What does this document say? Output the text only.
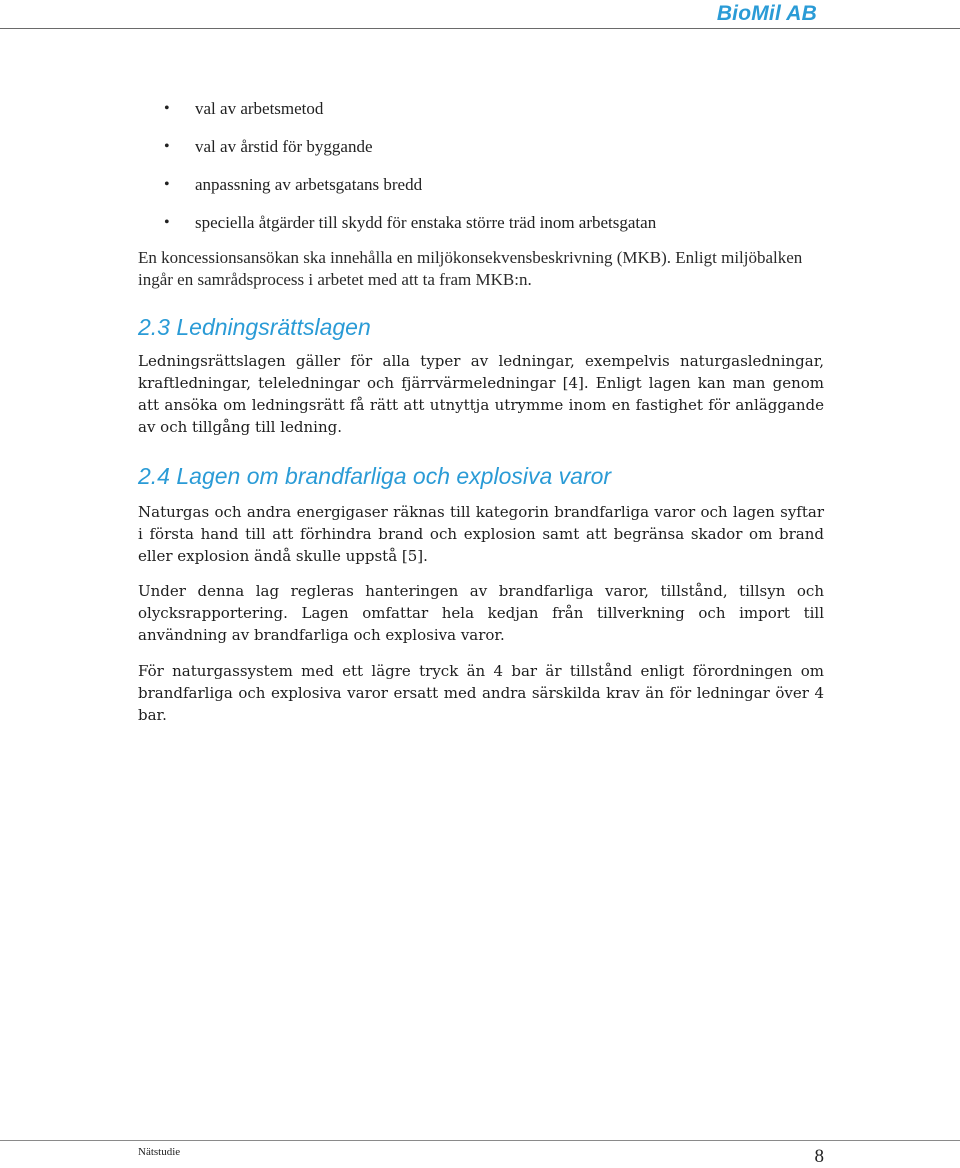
BioMil AB
• val av arbetsmetod
• val av årstid för byggande
• anpassning av arbetsgatans bredd
• speciella åtgärder till skydd för enstaka större träd inom arbetsgatan

En koncessionsansökan ska innehålla en miljökonsekvensbeskrivning (MKB). Enligt miljöbalken ingår en samrådsprocess i arbetet med att ta fram MKB:n.

2.3 Ledningsrättslagen

Ledningsrättslagen gäller för alla typer av ledningar, exempelvis naturgasledningar, kraftledningar, teleledningar och fjärrvärmeledningar [4]. Enligt lagen kan man genom att ansöka om ledningsrätt få rätt att utnyttja utrymme inom en fastighet för anläggande av och tillgång till ledning.

2.4 Lagen om brandfarliga och explosiva varor

Naturgas och andra energigaser räknas till kategorin brandfarliga varor och lagen syftar i första hand till att förhindra brand och explosion samt att begränsa skador om brand eller explosion ändå skulle uppstå [5].

Under denna lag regleras hanteringen av brandfarliga varor, tillstånd, tillsyn och olycksrapportering. Lagen omfattar hela kedjan från tillverkning och import till användning av brandfarliga och explosiva varor.

För naturgassystem med ett lägre tryck än 4 bar är tillstånd enligt förordningen om brandfarliga och explosiva varor ersatt med andra särskilda krav än för ledningar över 4 bar.

Nätstudie	8
